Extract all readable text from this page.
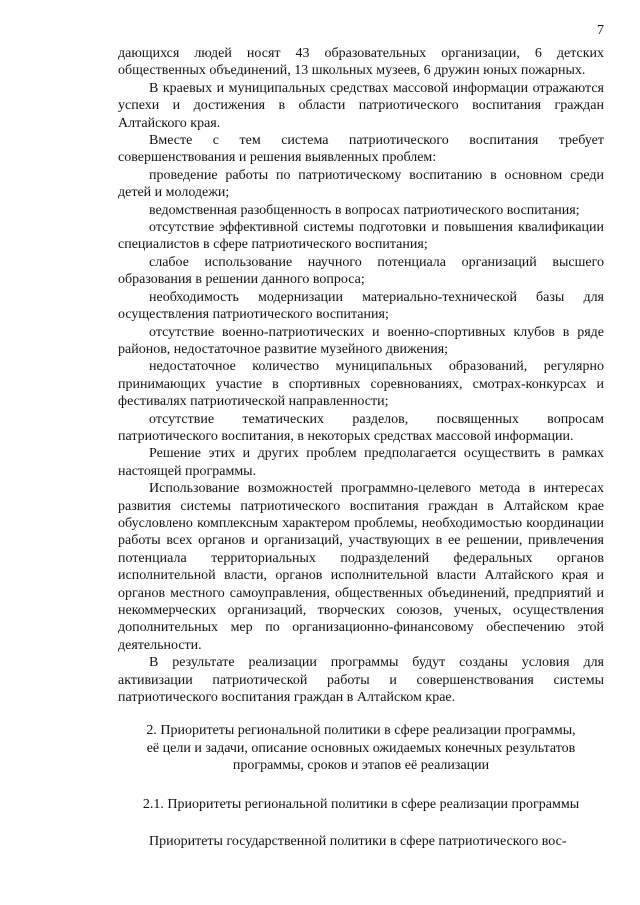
7

дающихся людей носят 43 образовательных организации, 6 детских общественных объединений, 13 школьных музеев, 6 дружин юных пожарных.

В краевых и муниципальных средствах массовой информации отражаются успехи и достижения в области патриотического воспитания граждан Алтайского края.

Вместе с тем система патриотического воспитания требует совершенствования и решения выявленных проблем:

проведение работы по патриотическому воспитанию в основном среди детей и молодежи;

ведомственная разобщенность в вопросах патриотического воспитания;

отсутствие эффективной системы подготовки и повышения квалификации специалистов в сфере патриотического воспитания;

слабое использование научного потенциала организаций высшего образования в решении данного вопроса;

необходимость модернизации материально-технической базы для осуществления патриотического воспитания;

отсутствие военно-патриотических и военно-спортивных клубов в ряде районов, недостаточное развитие музейного движения;

недостаточное количество муниципальных образований, регулярно принимающих участие в спортивных соревнованиях, смотрах-конкурсах и фестивалях патриотической направленности;

отсутствие тематических разделов, посвященных вопросам патриотического воспитания, в некоторых средствах массовой информации.

Решение этих и других проблем предполагается осуществить в рамках настоящей программы.

Использование возможностей программно-целевого метода в интересах развития системы патриотического воспитания граждан в Алтайском крае обусловлено комплексным характером проблемы, необходимостью координации работы всех органов и организаций, участвующих в ее решении, привлечения потенциала территориальных подразделений федеральных органов исполнительной власти, органов исполнительной власти Алтайского края и органов местного самоуправления, общественных объединений, предприятий и некоммерческих организаций, творческих союзов, ученых, осуществления дополнительных мер по организационно-финансовому обеспечению этой деятельности.

В результате реализации программы будут созданы условия для активизации патриотической работы и совершенствования системы патриотического воспитания граждан в Алтайском крае.

2. Приоритеты региональной политики в сфере реализации программы,

её цели и задачи, описание основных ожидаемых конечных результатов

программы, сроков и этапов её реализации

2.1. Приоритеты региональной политики в сфере реализации программы

Приоритеты государственной политики в сфере патриотического вос-
